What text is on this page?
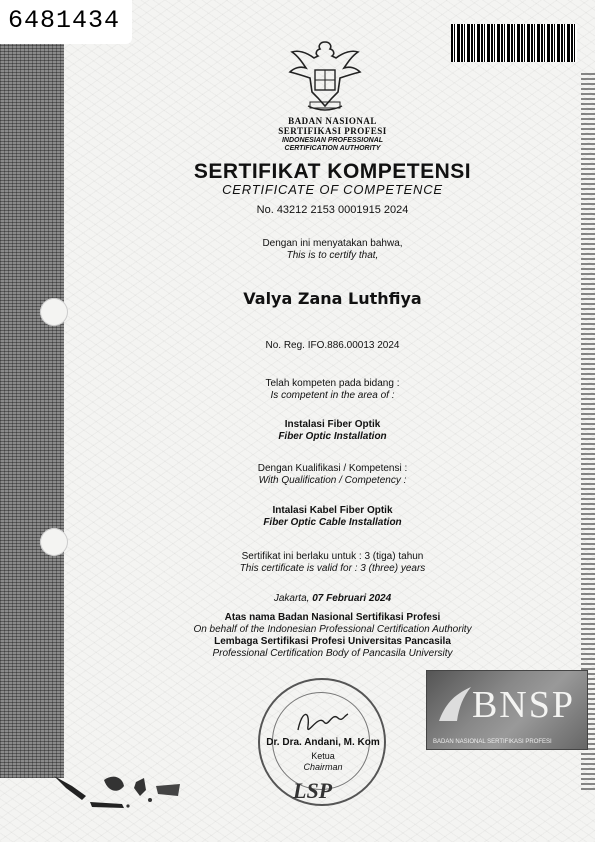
6481434
BADAN NASIONAL
SERTIFIKASI PROFESI
INDONESIAN PROFESSIONAL
CERTIFICATION AUTHORITY
SERTIFIKAT KOMPETENSI
CERTIFICATE OF COMPETENCE
No. 43212 2153 0001915 2024
Dengan ini menyatakan bahwa,
This is to certify that,
Valya Zana Luthfiya
No. Reg. IFO.886.00013 2024
Telah kompeten pada bidang :
Is competent in the area of :
Instalasi Fiber Optik
Fiber Optic Installation
Dengan Kualifikasi / Kompetensi :
With Qualification / Competency :
Intalasi Kabel Fiber Optik
Fiber Optic Cable Installation
Sertifikat ini berlaku untuk : 3 (tiga) tahun
This certificate is valid for : 3 (three) years
Jakarta, 07 Februari 2024
Atas nama Badan Nasional Sertifikasi Profesi
On behalf of the Indonesian Professional Certification Authority
Lembaga Sertifikasi Profesi Universitas Pancasila
Professional Certification Body of Pancasila University
LSP
Dr. Dra. Andani, M. Kom
Ketua
Chairman
BNSP
BADAN NASIONAL SERTIFIKASI PROFESI
